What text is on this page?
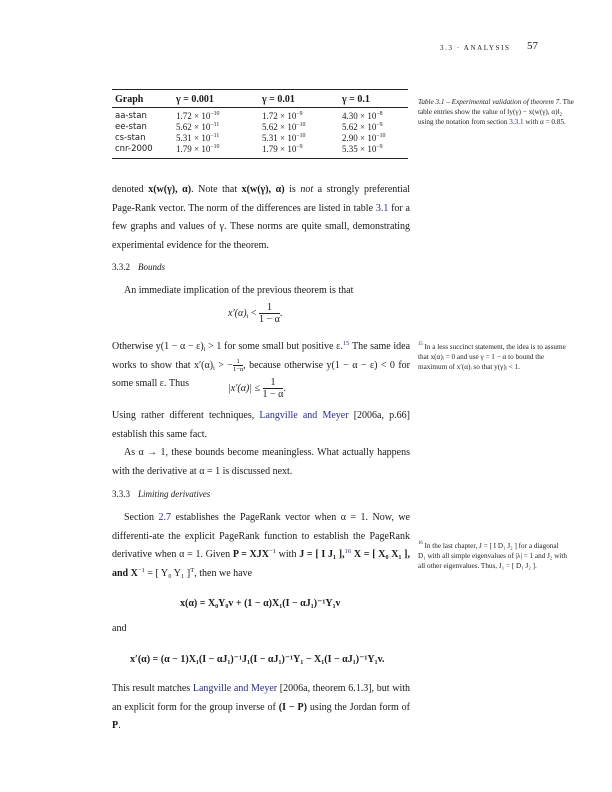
3.3 · ANALYSIS 57
Graph	γ = 0.001	γ = 0.01	γ = 0.1
aa-stan	$1.72 \times 10^{-10}$	$1.72 \times 10^{-9}$	$4.30 \times 10^{-8}$
ee-stan	$5.62 \times 10^{-11}$	$5.62 \times 10^{-10}$	$5.62 \times 10^{-9}$
cs-stan	$5.31 \times 10^{-11}$	$5.31 \times 10^{-10}$	$2.90 \times 10^{-10}$
cnr-2000	$1.79 \times 10^{-10}$	$1.79 \times 10^{-9}$	$5.35 \times 10^{-9}$

Table 3.1 – Experimental validation of theorem 7. The table entries show the value of ‖y(γ) − x(w(γ), $\alpha)‖_2$ using the notation from section 3.3.1 with α = 0.85.
denoted x(w(γ), α). Note that x(w(γ), α) is not a strongly preferential Page-Rank vector. The norm of the differences are listed in table 3.1 for a few graphs and values of γ. These norms are quite small, demonstrating experimental evidence for the theorem.
3.3.2 Bounds
An immediate implication of the previous theorem is that
$x'(\alpha)_i < \frac{1}{1 - \alpha}$ .
Otherwise $y(1 - \alpha - \varepsilon)_i > 1$ for some small but positive ε.$^{15}$ The same idea works to show that $x'(\alpha)_i$ > − $\frac{1}{1-\alpha}$ , because otherwise y(1 − α − ε) < 0 for some small ε. Thus	$|x'(\alpha)| \le \frac{1}{1 - \alpha}$ .
Using rather different techniques, Langville and Meyer [2006a, p.66] establish this same fact.
As α → 1, these bounds become meaningless. What actually happens with the derivative at α = 1 is discussed next.
3.3.3 Limiting derivatives
Section 2.7 establishes the PageRank vector when α = 1. Now, we differenti-ate the explicit PageRank function to establish the PageRank derivative when α = 1. Given $P = XJX^{-1}$ with J = [ I J₁ ],$^{16}$ X = [ X₀ X₁ ], and $X^{-1}$ = [ Y₀ Y₁ ]$^T$, then we have
x(α) = X₀Y₀v + (1 − α)X₁(I − αJ₁)⁻¹Y₁v
and
x′(α) = (α − 1)X₁(I − αJ₁)⁻¹J₁(I − αJ₁)⁻¹Y₁ − X₁(I − αJ₁)⁻¹Y₁v.
This result matches Langville and Meyer [2006a, theorem 6.1.3], but with an explicit form for the group inverse of (I − P) using the Jordan form of P.
$^{15}$ In a less succinct statement, the idea is to assume that x(α)ᵢ = 0 and use γ = 1 − α to bound the maximum of x′(α)ᵢ so that y(γ)ᵢ < 1.
$^{16}$ In the last chapter, J = [ I D₁ J₂ ] for a diagonal D₁ with all simple eigenvalues of |λ| = 1 and J₂ with all other eigenvalues. Thus, J₁ = [ D₁ J₂ ].
